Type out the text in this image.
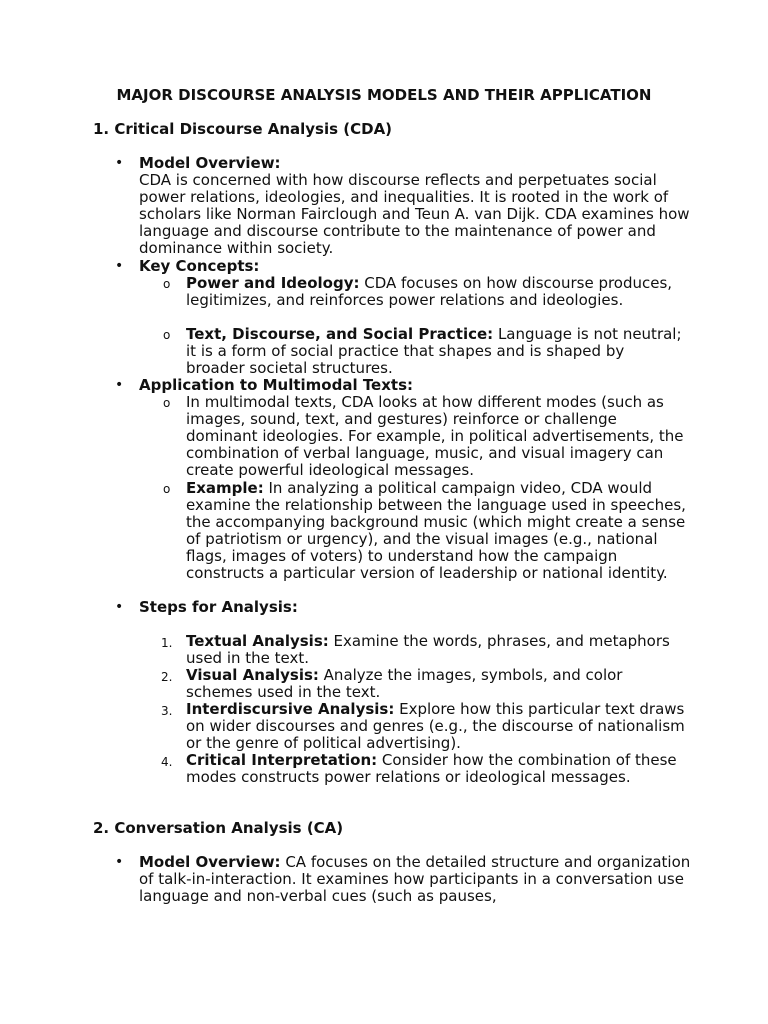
MAJOR DISCOURSE ANALYSIS MODELS AND THEIR APPLICATION
1. Critical Discourse Analysis (CDA)
• Model Overview:

CDA is concerned with how discourse reflects and perpetuates social power relations, ideologies, and inequalities. It is rooted in the work of scholars like Norman Fairclough and Teun A. van Dijk. CDA examines how language and discourse contribute to the maintenance of power and dominance within society.

• Key Concepts:
o Power and Ideology: CDA focuses on how discourse produces, legitimizes, and reinforces power relations and ideologies.

o Text, Discourse, and Social Practice: Language is not neutral; it is a form of social practice that shapes and is shaped by broader societal structures.

• Application to Multimodal Texts:
o In multimodal texts, CDA looks at how different modes (such as images, sound, text, and gestures) reinforce or challenge dominant ideologies. For example, in political advertisements, the combination of verbal language, music, and visual imagery can create powerful ideological messages.

o Example: In analyzing a political campaign video, CDA would examine the relationship between the language used in speeches, the accompanying background music (which might create a sense of patriotism or urgency), and the visual images (e.g., national flags, images of voters) to understand how the campaign constructs a particular version of leadership or national identity.

• Steps for Analysis:
1. Textual Analysis: Examine the words, phrases, and metaphors used in the text.

2. Visual Analysis: Analyze the images, symbols, and color schemes used in the text.

3. Interdiscursive Analysis: Explore how this particular text draws on wider discourses and genres (e.g., the discourse of nationalism or the genre of political advertising).

4. Critical Interpretation: Consider how the combination of these modes constructs power relations or ideological messages.

2. Conversation Analysis (CA)
• Model Overview: CA focuses on the detailed structure and organization of talk-in-interaction. It examines how participants in a conversation use language and non-verbal cues (such as pauses,
